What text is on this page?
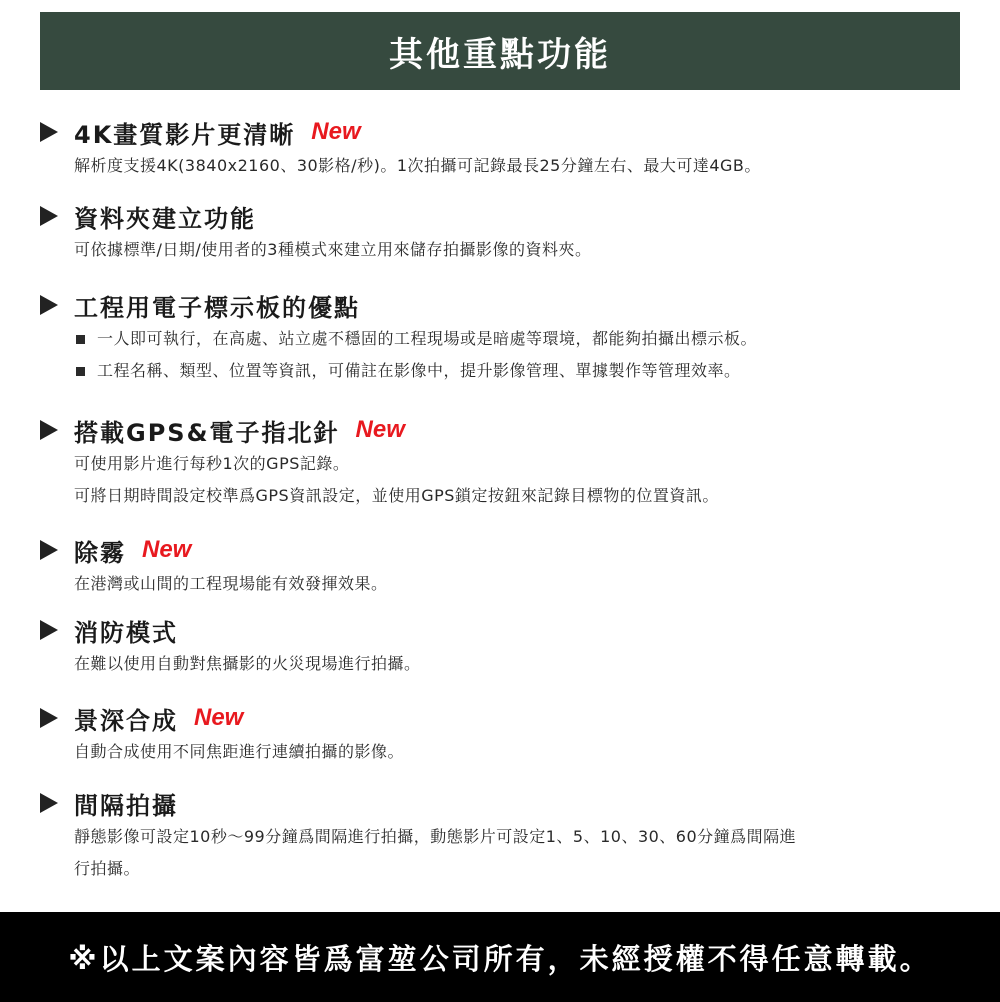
其他重點功能
4K畫質影片更清晰 New

解析度支援4K(3840x2160、30影格/秒)。1次拍攝可記錄最長25分鐘左右、最大可達4GB。

資料夾建立功能

可依據標準/日期/使用者的3種模式來建立用來儲存拍攝影像的資料夾。

工程用電子標示板的優點
一人即可執行，在高處、站立處不穩固的工程現場或是暗處等環境，都能夠拍攝出標示板。
工程名稱、類型、位置等資訊，可備註在影像中，提升影像管理、單據製作等管理效率。
搭載GPS&電子指北針 New

可使用影片進行每秒1次的GPS記錄。

可將日期時間設定校準爲GPS資訊設定，並使用GPS鎖定按鈕來記錄目標物的位置資訊。

除霧 New

在港灣或山間的工程現場能有效發揮效果。

消防模式

在難以使用自動對焦攝影的火災現場進行拍攝。

景深合成 New

自動合成使用不同焦距進行連續拍攝的影像。

間隔拍攝

靜態影像可設定10秒～99分鐘爲間隔進行拍攝，動態影片可設定1、5、10、30、60分鐘爲間隔進

行拍攝。

※以上文案內容皆爲富堃公司所有，未經授權不得任意轉載。
